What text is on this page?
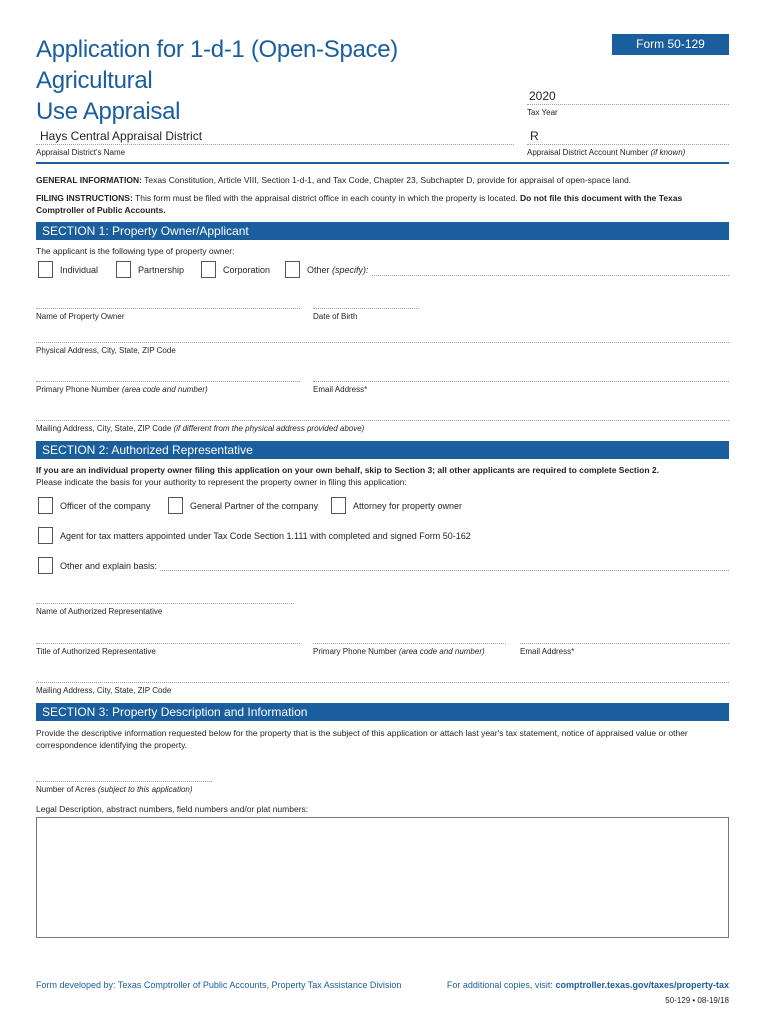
Application for 1-d-1 (Open-Space) Agricultural
Use Appraisal
Form 50-129
2020
Tax Year
Hays Central Appraisal District
Appraisal District's Name
R
Appraisal District Account Number (if known)
GENERAL INFORMATION: Texas Constitution, Article VIII, Section 1-d-1, and Tax Code, Chapter 23, Subchapter D, provide for appraisal of open-space land.
FILING INSTRUCTIONS: This form must be filed with the appraisal district office in each county in which the property is located. Do not file this document with the Texas
Comptroller of Public Accounts.
SECTION 1: Property Owner/Applicant
The applicant is the following type of property owner:
Individual	Partnership	Corporation	Other (specify):
Name of Property Owner	Date of Birth
Physical Address, City, State, ZIP Code
Primary Phone Number (area code and number)	Email Address*
Mailing Address, City, State, ZIP Code (if different from the physical address provided above)
SECTION 2: Authorized Representative
If you are an individual property owner filing this application on your own behalf, skip to Section 3; all other applicants are required to complete Section 2.
Please indicate the basis for your authority to represent the property owner in filing this application:
Officer of the company	General Partner of the company	Attorney for property owner
Agent for tax matters appointed under Tax Code Section 1.111 with completed and signed Form 50-162
Other and explain basis:
Name of Authorized Representative
Title of Authorized Representative	Primary Phone Number (area code and number)	Email Address*
Mailing Address, City, State, ZIP Code
SECTION 3: Property Description and Information
Provide the descriptive information requested below for the property that is the subject of this application or attach last year's tax statement, notice of appraised value or other
correspondence identifying the property.
Number of Acres (subject to this application)
Legal Description, abstract numbers, field numbers and/or plat numbers:
Form developed by: Texas Comptroller of Public Accounts, Property Tax Assistance Division	For additional copies, visit: comptroller.texas.gov/taxes/property-tax
50-129 • 08-19/18
